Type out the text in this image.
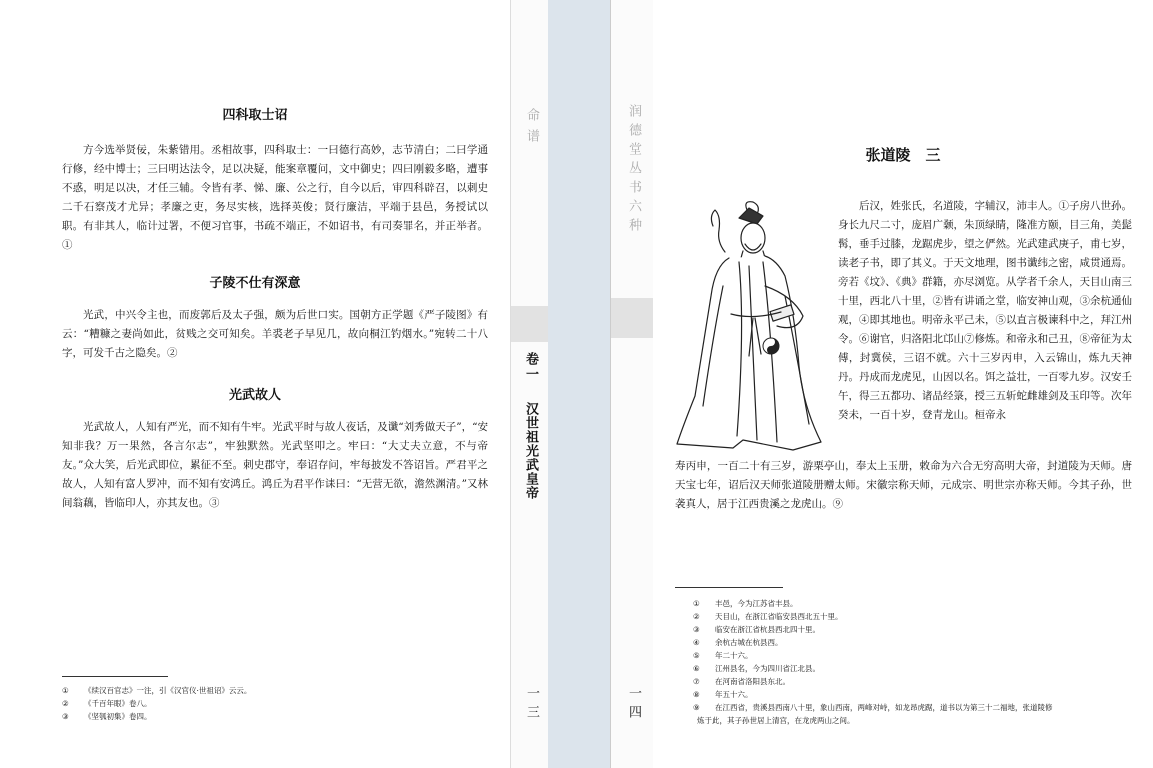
四科取士诏

方今选举贤佞，朱紫错用。丞相故事，四科取士：一曰德行高妙，志节清白；二曰学通行修，经中博士；三曰明达法令，足以决疑，能案章覆问，文中御史；四曰刚毅多略，遭事不惑，明足以决，才任三辅。令皆有孝、悌、廉、公之行，自今以后，审四科辟召，以刺史二千石察茂才尤异；孝廉之吏，务尽实核，选择英俊；贤行廉洁，平端于县邑，务授试以职。有非其人，临计过署，不便习官事，书疏不端正，不如诏书，有司奏罪名，并正举者。①

子陵不仕有深意

光武，中兴令主也，而废郭后及太子强，颇为后世口实。国朝方正学题《严子陵图》有云：“糟糠之妻尚如此，贫贱之交可知矣。羊裘老子早见几，故向桐江钓烟水。”宛转二十八字，可发千古之隐矣。②

光武故人

光武故人，人知有严光，而不知有牛牢。光武平时与故人夜话，及谶“刘秀做天子”，“安知非我？万一果然，各言尔志”，牢独默然。光武坚叩之。牢曰：“大丈夫立意，不与帝友。”众大笑，后光武即位，累征不至。刺史郡守，奉诏存问，牢每披发不答诏旨。严君平之故人，人知有富人罗冲，而不知有安鸿丘。鸿丘为君平作诔曰：“无营无欲，澹然渊清。”又林间翁藕，皆临印人，亦其友也。③

① 《续汉百官志》一注，引《汉官仪·世祖诏》云云。
② 《千百年眼》卷八。
③ 《坚瓠初集》卷四。
命谱
卷一
汉世祖光武皇帝
一三
润德堂丛书六种
一四
张道陵　三

后汉，姓张氏，名道陵，字辅汉，沛丰人。①子房八世孙。身长九尺二寸，庞眉广颡，朱顶绿睛，隆准方颐，目三角，美髭髯，垂手过膝，龙踞虎步，望之俨然。光武建武庚子，甫七岁，读老子书，即了其义。于天文地理，图书谶纬之密，咸贯通焉。旁若《坟》、《典》群籍，亦尽浏览。从学者千余人，天目山南三十里，西北八十里，②皆有讲诵之堂，临安神山观，③余杭通仙观，④即其地也。明帝永平己未，⑤以直言极谏科中之，拜江州令。⑥谢官，归洛阳北邙山⑦修炼。和帝永和己丑，⑧帝征为太傅，封冀侯，三诏不就。六十三岁丙申，入云锦山，炼九天神丹。丹成而龙虎见，山因以名。饵之益壮，一百零九岁。汉安壬午，得三五都功、诸品经箓，授三五斩蛇雌雄剑及玉印等。次年癸未，一百十岁，登青龙山。桓帝永

寿丙申，一百二十有三岁，游栗亭山，奉太上玉册，敕命为六合无穷高明大帝，封道陵为天师。唐天宝七年，诏后汉天师张道陵册赠太师。宋徽宗称天师，元成宗、明世宗亦称天师。今其子孙，世袭真人，居于江西贵溪之龙虎山。⑨

① 丰邑，今为江苏省丰县。
② 天目山，在浙江省临安县西北五十里。
③ 临安在浙江省杭县西北四十里。
④ 余杭古城在杭县西。
⑤ 年二十六。
⑥ 江州县名，今为四川省江北县。
⑦ 在河南省洛阳县东北。
⑧ 年五十六。
⑨ 在江西省，贵溪县西南八十里，象山西南，两峰对峙，如龙昂虎踞，道书以为第三十二福地，张道陵修
炼于此，其子孙世居上清宫，在龙虎两山之间。
